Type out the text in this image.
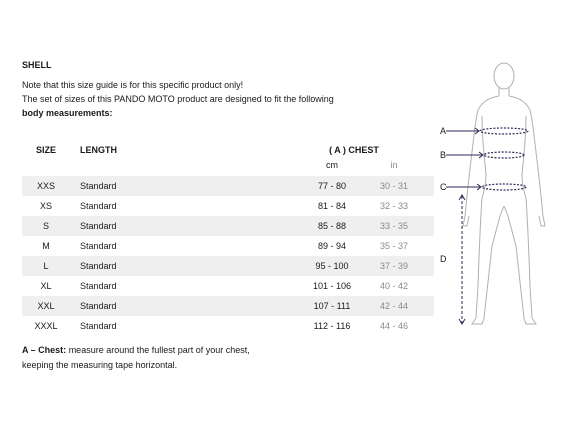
SHELL
Note that this size guide is for this specific product only!
The set of sizes of this PANDO MOTO product are designed to fit the following
body measurements:
SIZE	LENGTH		( A ) CHEST		
			cm	in	

XXS	Standard		77 - 80	30 - 31	
XS	Standard		81 - 84	32 - 33	
S	Standard		85 - 88	33 - 35	
M	Standard		89 - 94	35 - 37	
L	Standard		95 - 100	37 - 39	
XL	Standard		101 - 106	40 - 42	
XXL	Standard		107 - 111	42 - 44	
XXXL	Standard		112 - 116	44 - 46	
A – Chest: measure around the fullest part of your chest,
keeping the measuring tape horizontal.
A
B
C
D
